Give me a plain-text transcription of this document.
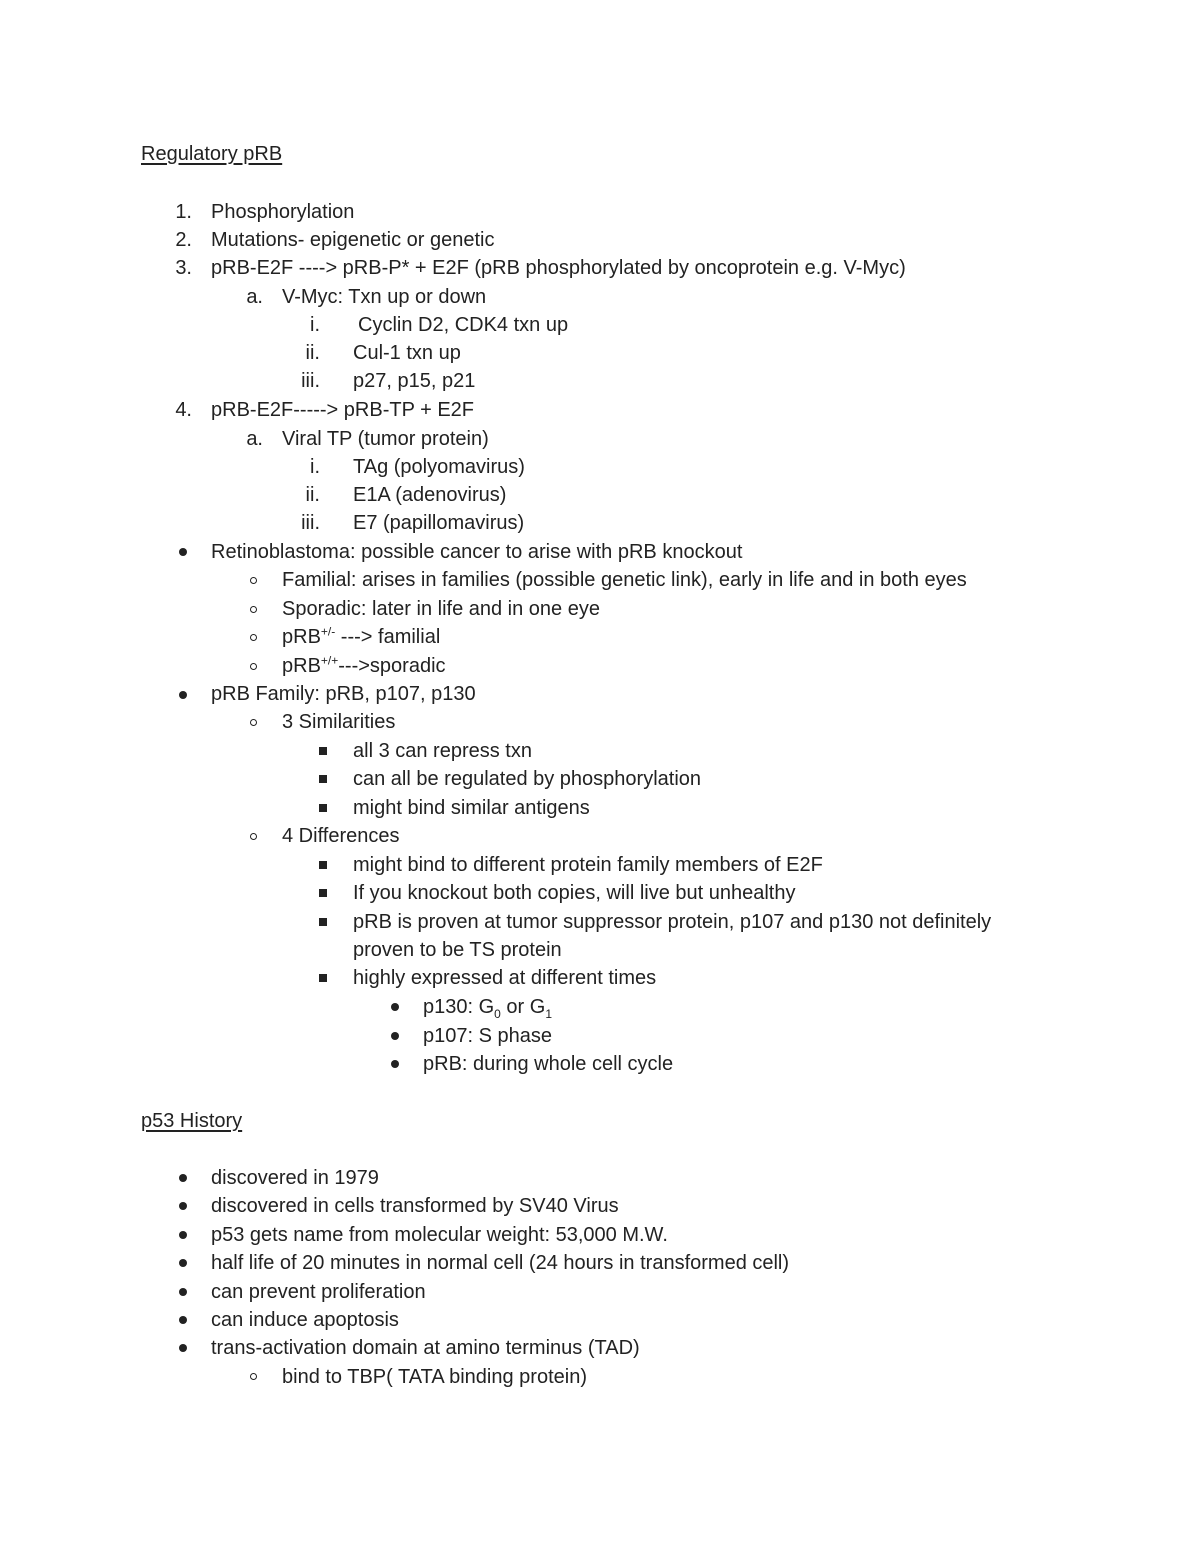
Regulatory pRB
1. Phosphorylation
2. Mutations- epigenetic or genetic
3. pRB-E2F ----> pRB-P* + E2F (pRB phosphorylated by oncoprotein e.g. V-Myc)
a. V-Myc: Txn up or down
i. Cyclin D2, CDK4 txn up
ii. Cul-1 txn up
iii. p27, p15, p21
4. pRB-E2F-----> pRB-TP + E2F
a. Viral TP (tumor protein)
i. TAg (polyomavirus)
ii. E1A (adenovirus)
iii. E7 (papillomavirus)
Retinoblastoma: possible cancer to arise with pRB knockout
Familial: arises in families (possible genetic link), early in life and in both eyes
Sporadic: later in life and in one eye
pRB+/- ---> familial
pRB+/+--->sporadic
pRB Family: pRB, p107, p130
3 Similarities
all 3 can repress txn
can all be regulated by phosphorylation
might bind similar antigens
4 Differences
might bind to different protein family members of E2F
If you knockout both copies, will live but unhealthy
pRB is proven at tumor suppressor protein, p107 and p130 not definitely
proven to be TS protein
highly expressed at different times
p130: $G_0$ or $G_1$
p107: S phase
pRB: during whole cell cycle
p53 History
discovered in 1979
discovered in cells transformed by SV40 Virus
p53 gets name from molecular weight: 53,000 M.W.
half life of 20 minutes in normal cell (24 hours in transformed cell)
can prevent proliferation
can induce apoptosis
trans-activation domain at amino terminus (TAD)
bind to TBP( TATA binding protein)
